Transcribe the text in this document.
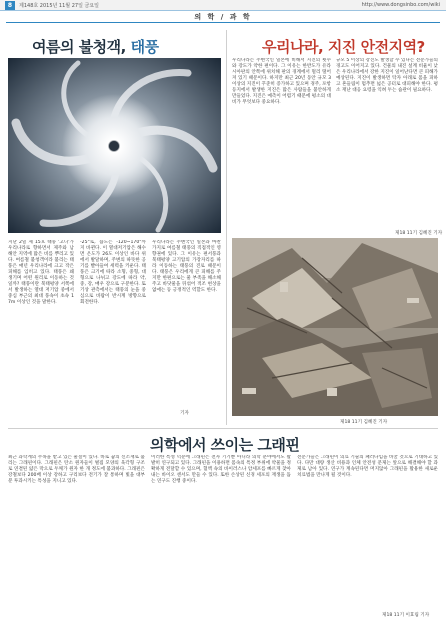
8	제148호 2015년 11월 27일 금요일	http://www.dongsinbo.com/wiki
의 학 / 과 학
여름의 불청객, 태풍
지난 2일 제 15호 태풍 '고니'가 우리나라로 향하면서 제주와 남해안 지역에 많은 비를 뿌리고 있다. 여름철 불청객이라 불리는 태풍은 매년 우리나라에 크고 작은 피해를 입히고 있다. 태풍은 왜 생기며 어떤 원리로 이동하는 것일까? 태풍이란 북태평양 서쪽에서 발생하는 열대 저기압 중에서 중심 부근의 최대 풍속이 초속 17m 이상인 것을 말한다.
-25°로, 습도는 -120~170°까지 바뀐다. 이 열대저기압은 해수면 온도가 26도 이상인 바다 위에서 발달하며, 주변의 따뜻한 공기를 빨아들여 세력을 키운다. 태풍은 크기에 따라 소형, 중형, 대형으로 나뉘고 강도에 따라 약, 중, 강, 매우 강으로 구분한다. 또 기상 관측에서는 태풍의 눈을 중심으로 바람이 반시계 방향으로 회전한다.
우리나라는 주변국인 일본과 마찬가지로 여름철 태풍의 직접적인 영향권에 있다. 그 이유는 편서풍과 북태평양 고기압의 가장자리를 따라 이동하는 태풍의 진로 때문이다. 태풍은 우리에게 큰 피해를 주지만 한편으로는 물 부족을 해소해 주고 바닷물을 뒤섞어 적조 현상을 없애는 등 긍정적인 역할도 한다.
기자
우리나라, 지진 안전지역?
우리나라는 주변국인 일본에 비해서 지진의 횟수와 강도가 약한 편이다. 그 이유는 한반도가 유라시아판의 안쪽에 위치해 판의 경계에서 멀리 떨어져 있기 때문이다. 하지만 최근 20년 동안 규모 3 이상의 지진이 꾸준히 증가하고 있으며 경주, 포항 등지에서 발생한 지진은 많은 사람들을 불안하게 만들었다. 지진은 예측이 어렵기 때문에 평소의 대비가 무엇보다 중요하다.
규모 5 이상의 강진도 발생할 수 있다는 전문가들의 경고도 이어지고 있다. 건물의 내진 설계 비율이 낮은 우리나라에서 강한 지진이 일어난다면 큰 피해가 예상된다. 지진이 발생하면 탁자 아래로 몸을 피하고 흔들림이 멈추면 넓은 공터로 대피해야 한다. 평소 재난 대응 요령을 익혀 두는 습관이 필요하다.
제18 11기 김혜진 기자
제18 11기 김혜진 기자
의학에서 쓰이는 그래핀
최근 과학계의 주목을 받고 있는 물질이 있다. 바로 꿈의 신소재로 불리는 그래핀이다. 그래핀은 탄소 원자들이 벌집 모양의 육각형 구조로 연결된 얇은 막으로 두께가 원자 한 개 정도에 불과하다. 그래핀은 강철보다 200배 이상 강하고 구리보다 전기가 잘 통하며 빛을 대부분 투과시키는 특성을 지니고 있다.
이러한 특성 덕분에 그래핀은 전자 기기뿐 아니라 의학 분야에서도 활발히 연구되고 있다. 그래핀을 이용하면 몸속의 특정 부위에 약물을 정확하게 전달할 수 있으며, 혈액 속의 바이러스나 암세포를 빠르게 찾아내는 바이오 센서도 만들 수 있다. 또한 손상된 신경 세포의 재생을 돕는 연구도 진행 중이다.
전문가들은 그래핀이 의료 기술의 패러다임을 바꿀 것으로 기대하고 있다. 다만 대량 생산 비용과 인체 안전성 문제는 앞으로 해결해야 할 과제로 남아 있다. 연구가 계속된다면 머지않아 그래핀을 활용한 새로운 치료법을 만나게 될 것이다.
제18 11기 이효림 기자
